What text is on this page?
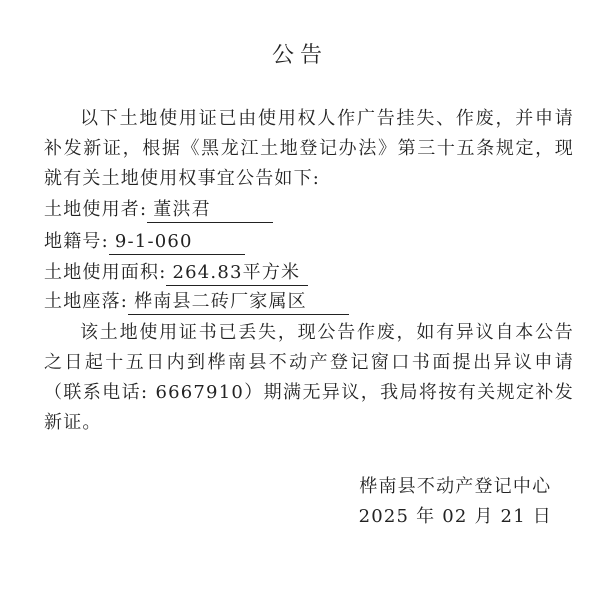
公告
以下土地使用证已由使用权人作广告挂失、作废，并申请补发新证，根据《黑龙江土地登记办法》第三十五条规定，现就有关土地使用权事宜公告如下:
土地使用者: 董洪君
地籍号: 9-1-060
土地使用面积: 264.83平方米
土地座落: 桦南县二砖厂家属区
该土地使用证书已丢失，现公告作废，如有异议自本公告之日起十五日内到桦南县不动产登记窗口书面提出异议申请（联系电话: 6667910）期满无异议，我局将按有关规定补发新证。
桦南县不动产登记中心
2025 年 02 月 21 日
